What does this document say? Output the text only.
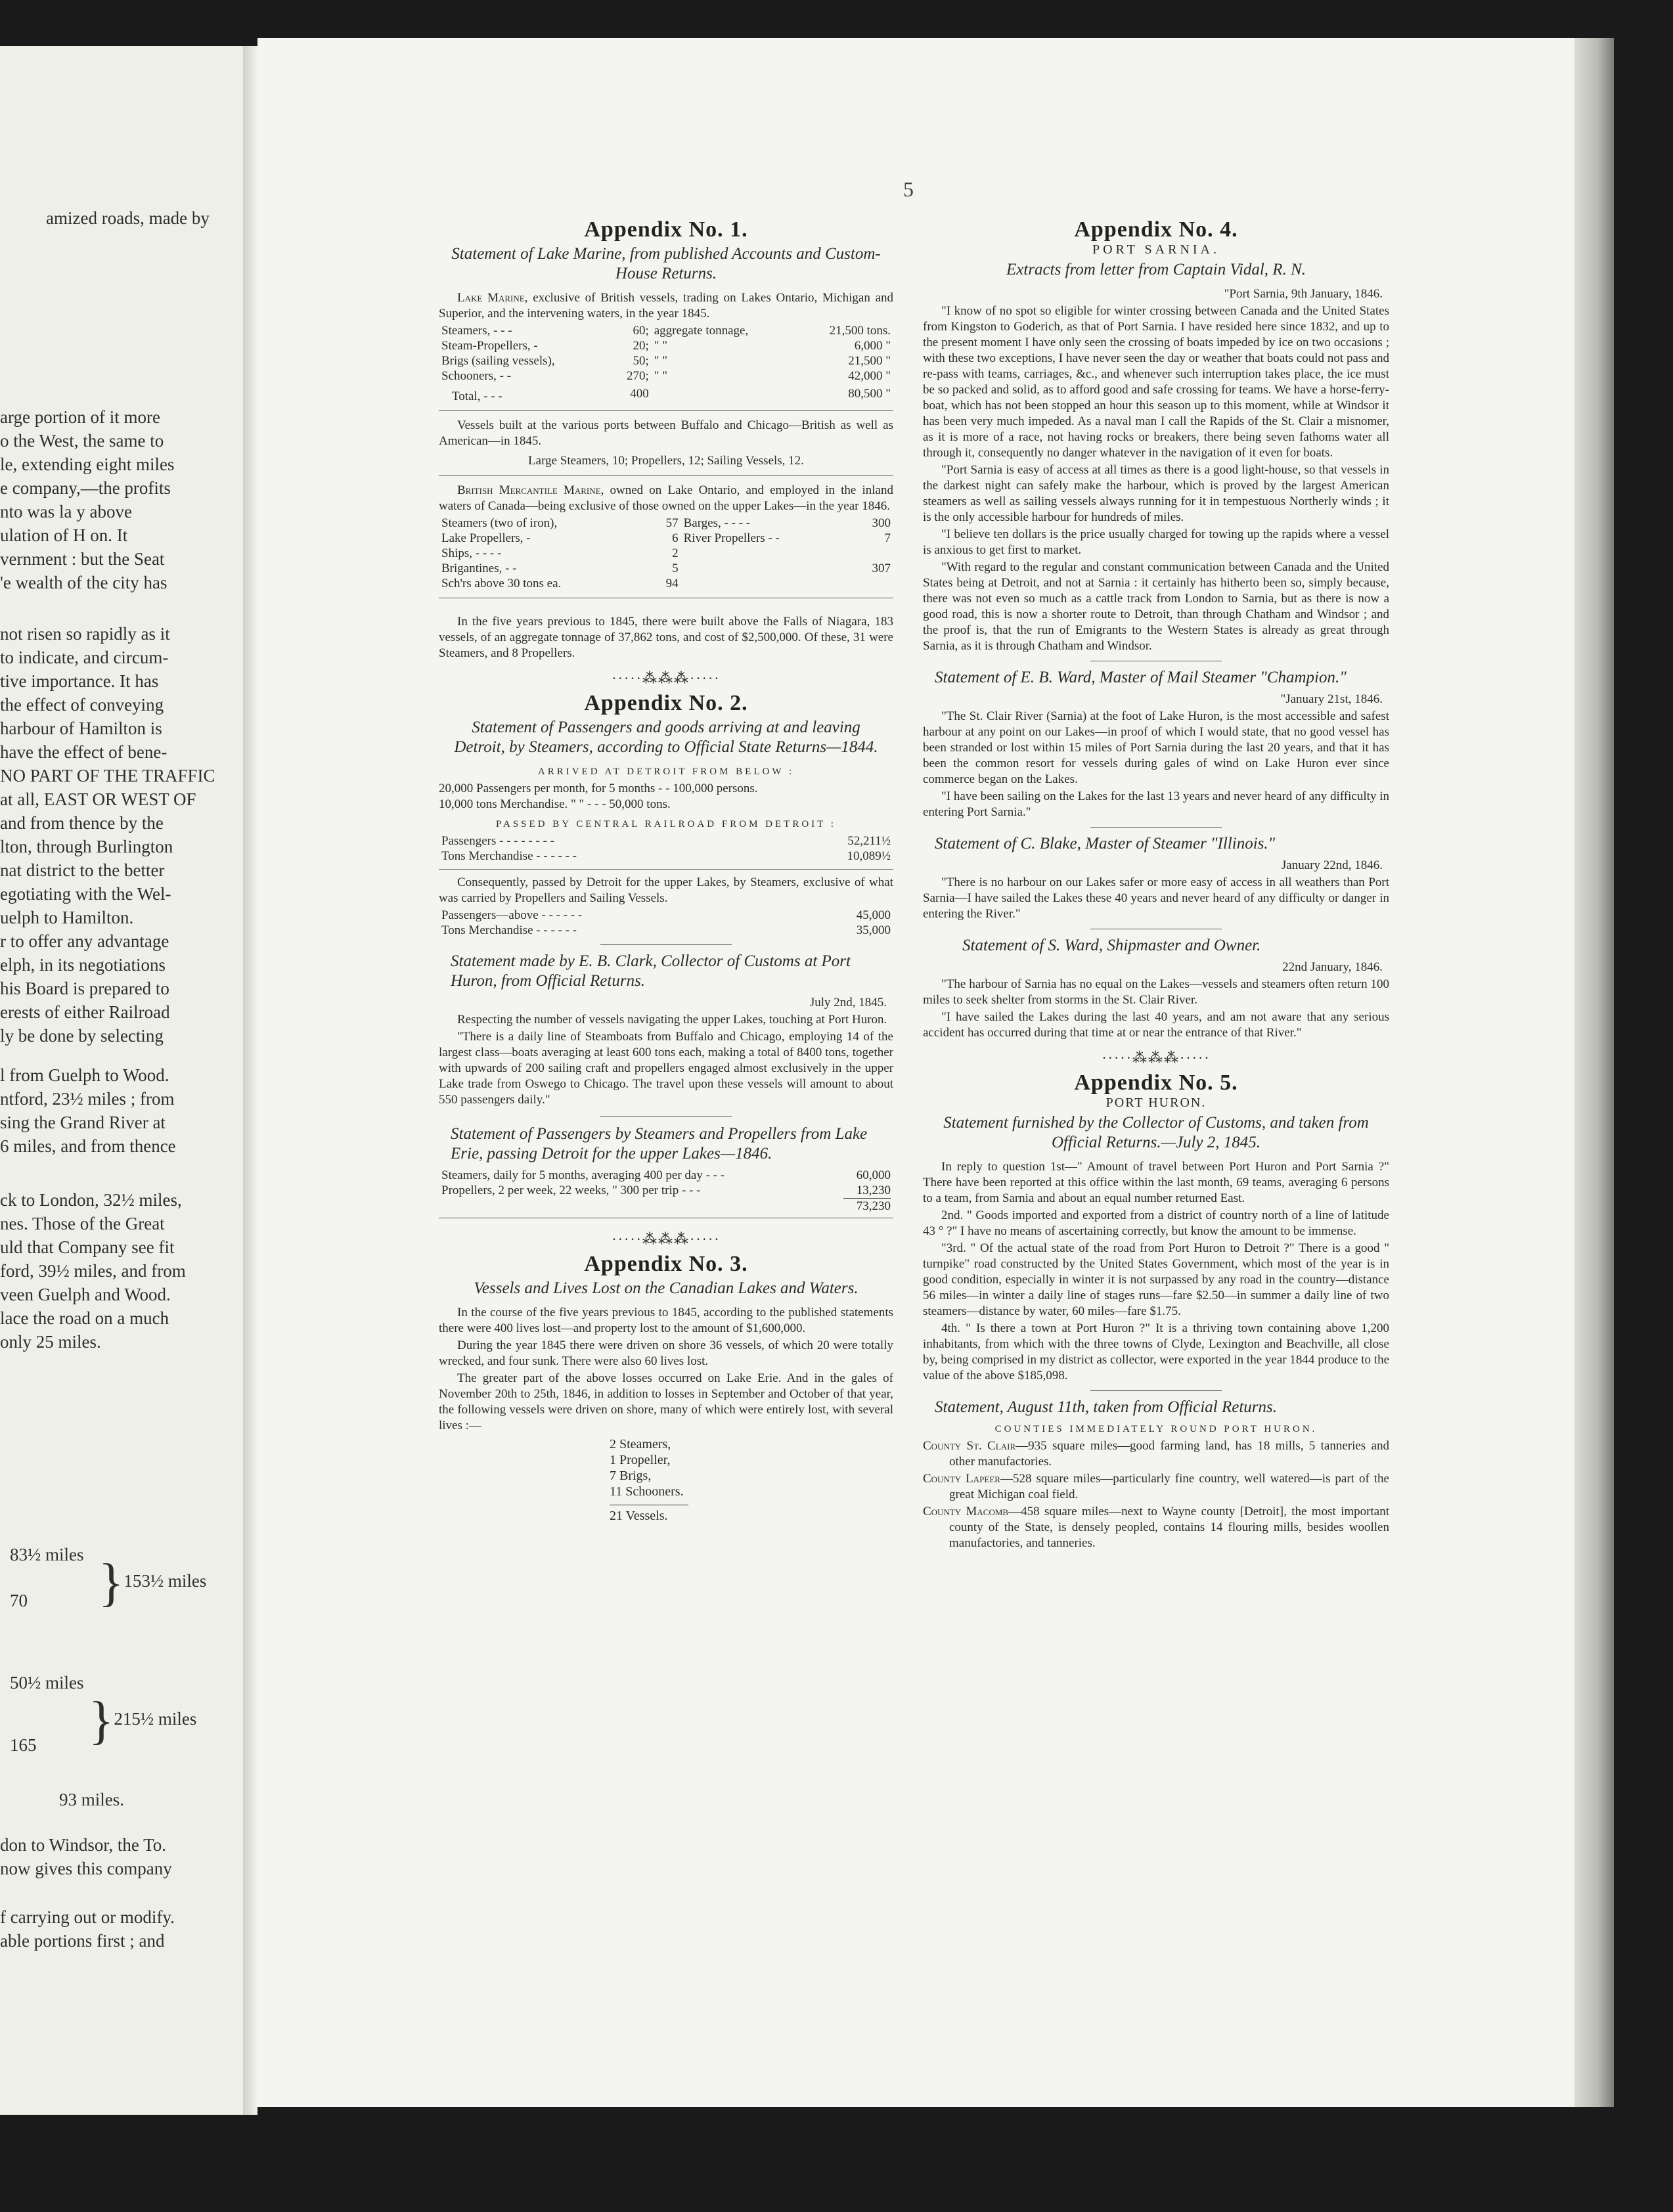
amized roads, made by
arge portion of it more
o the West, the same to
le, extending eight miles
e company,—the profits
nto was la y above
ulation of H on. It
vernment : but the Seat
'e wealth of the city has
not risen so rapidly as it
to indicate, and circum-
tive importance. It has
the effect of conveying
harbour of Hamilton is
have the effect of bene-
NO PART OF THE TRAFFIC
at all, EAST OR WEST OF
and from thence by the
lton, through Burlington
nat district to the better
egotiating with the Wel-
uelph to Hamilton.
r to offer any advantage
elph, in its negotiations
his Board is prepared to
erests of either Railroad
ly be done by selecting
l from Guelph to Wood.
ntford, 23½ miles ; from
sing the Grand River at
6 miles, and from thence
ck to London, 32½ miles,
nes. Those of the Great
uld that Company see fit
ford, 39½ miles, and from
veen Guelph and Wood.
lace the road on a much
only 25 miles.
83½ miles
70 }153½ miles
50½ miles
165 }215½ miles
93 miles.
don to Windsor, the To.
now gives this company
f carrying out or modify.
able portions first ; and
5
Appendix No. 1.
Statement of Lake Marine, from published Accounts and Custom-House Returns.
Lake Marine, exclusive of British vessels, trading on Lakes Ontario, Michigan and Superior, and the intervening waters, in the year 1845.
Steamers, - - -	60;	aggregate tonnage,	21,500 tons.
Steam-Propellers, -	20;	" "	6,000 "
Brigs (sailing vessels),	50;	" "	21,500 "
Schooners, - -	270;	" "	42,000 "
Total, - - -	400		80,500 "
Vessels built at the various ports between Buffalo and Chicago—British as well as American—in 1845.
Large Steamers, 10; Propellers, 12; Sailing Vessels, 12.
British Mercantile Marine, owned on Lake Ontario, and employed in the inland waters of Canada—being exclusive of those owned on the upper Lakes—in the year 1846.
Steamers (two of iron),	57	Barges, - - - -	300
Lake Propellers, -	6	River Propellers - -	7
Ships, - - - -	2		
Brigantines, - -	5		307
Sch'rs above 30 tons ea.	94		
In the five years previous to 1845, there were built above the Falls of Niagara, 183 vessels, of an aggregate tonnage of 37,862 tons, and cost of $2,500,000. Of these, 31 were Steamers, and 8 Propellers.
·····⁂⁂⁂·····
Appendix No. 2.
Statement of Passengers and goods arriving at and leaving Detroit, by Steamers, according to Official State Returns—1844.
ARRIVED AT DETROIT FROM BELOW :
20,000 Passengers per month, for 5 months - - 100,000 persons.
10,000 tons Merchandise. " " - - - 50,000 tons.
PASSED BY CENTRAL RAILROAD FROM DETROIT :
Passengers - - - - - - - -	52,211½
Tons Merchandise - - - - - -	10,089½
Consequently, passed by Detroit for the upper Lakes, by Steamers, exclusive of what was carried by Propellers and Sailing Vessels.
Passengers—above - - - - - -	45,000
Tons Merchandise - - - - - -	35,000
Statement made by E. B. Clark, Collector of Customs at Port Huron, from Official Returns.
July 2nd, 1845.
Respecting the number of vessels navigating the upper Lakes, touching at Port Huron.
"There is a daily line of Steamboats from Buffalo and Chicago, employing 14 of the largest class—boats averaging at least 600 tons each, making a total of 8400 tons, together with upwards of 200 sailing craft and propellers engaged almost exclusively in the upper Lake trade from Oswego to Chicago. The travel upon these vessels will amount to about 550 passengers daily."
Statement of Passengers by Steamers and Propellers from Lake Erie, passing Detroit for the upper Lakes—1846.
Steamers, daily for 5 months, averaging 400 per day - - -	60,000
Propellers, 2 per week, 22 weeks, " 300 per trip - - -	13,230
	73,230
·····⁂⁂⁂·····
Appendix No. 3.
Vessels and Lives Lost on the Canadian Lakes and Waters.
In the course of the five years previous to 1845, according to the published statements there were 400 lives lost—and property lost to the amount of $1,600,000.
During the year 1845 there were driven on shore 36 vessels, of which 20 were totally wrecked, and four sunk. There were also 60 lives lost.
The greater part of the above losses occurred on Lake Erie. And in the gales of November 20th to 25th, 1846, in addition to losses in September and October of that year, the following vessels were driven on shore, many of which were entirely lost, with several lives :—
2 Steamers,
1 Propeller,
7 Brigs,
11 Schooners.
21 Vessels.
Appendix No. 4.
PORT SARNIA.
Extracts from letter from Captain Vidal, R. N.
"Port Sarnia, 9th January, 1846.
"I know of no spot so eligible for winter crossing between Canada and the United States from Kingston to Goderich, as that of Port Sarnia. I have resided here since 1832, and up to the present moment I have only seen the crossing of boats impeded by ice on two occasions ; with these two exceptions, I have never seen the day or weather that boats could not pass and re-pass with teams, carriages, &c., and whenever such interruption takes place, the ice must be so packed and solid, as to afford good and safe crossing for teams. We have a horse-ferry-boat, which has not been stopped an hour this season up to this moment, while at Windsor it has been very much impeded. As a naval man I call the Rapids of the St. Clair a misnomer, as it is more of a race, not having rocks or breakers, there being seven fathoms water all through it, consequently no danger whatever in the navigation of it even for boats.
"Port Sarnia is easy of access at all times as there is a good light-house, so that vessels in the darkest night can safely make the harbour, which is proved by the largest American steamers as well as sailing vessels always running for it in tempestuous Northerly winds ; it is the only accessible harbour for hundreds of miles.
"I believe ten dollars is the price usually charged for towing up the rapids where a vessel is anxious to get first to market.
"With regard to the regular and constant communication between Canada and the United States being at Detroit, and not at Sarnia : it certainly has hitherto been so, simply because, there was not even so much as a cattle track from London to Sarnia, but as there is now a good road, this is now a shorter route to Detroit, than through Chatham and Windsor ; and the proof is, that the run of Emigrants to the Western States is already as great through Sarnia, as it is through Chatham and Windsor.
Statement of E. B. Ward, Master of Mail Steamer "Champion."
"January 21st, 1846.
"The St. Clair River (Sarnia) at the foot of Lake Huron, is the most accessible and safest harbour at any point on our Lakes—in proof of which I would state, that no good vessel has been stranded or lost within 15 miles of Port Sarnia during the last 20 years, and that it has been the common resort for vessels during gales of wind on Lake Huron ever since commerce began on the Lakes.
"I have been sailing on the Lakes for the last 13 years and never heard of any difficulty in entering Port Sarnia."
Statement of C. Blake, Master of Steamer "Illinois."
January 22nd, 1846.
"There is no harbour on our Lakes safer or more easy of access in all weathers than Port Sarnia—I have sailed the Lakes these 40 years and never heard of any difficulty or danger in entering the River."
Statement of S. Ward, Shipmaster and Owner.
22nd January, 1846.
"The harbour of Sarnia has no equal on the Lakes—vessels and steamers often return 100 miles to seek shelter from storms in the St. Clair River.
"I have sailed the Lakes during the last 40 years, and am not aware that any serious accident has occurred during that time at or near the entrance of that River."
·····⁂⁂⁂·····
Appendix No. 5.
PORT HURON.
Statement furnished by the Collector of Customs, and taken from Official Returns.—July 2, 1845.
In reply to question 1st—" Amount of travel between Port Huron and Port Sarnia ?" There have been reported at this office within the last month, 69 teams, averaging 6 persons to a team, from Sarnia and about an equal number returned East.
2nd. " Goods imported and exported from a district of country north of a line of latitude 43 ° ?" I have no means of ascertaining correctly, but know the amount to be immense.
"3rd. " Of the actual state of the road from Port Huron to Detroit ?" There is a good " turnpike" road constructed by the United States Government, which most of the year is in good condition, especially in winter it is not surpassed by any road in the country—distance 56 miles—in winter a daily line of stages runs—fare $2.50—in summer a daily line of two steamers—distance by water, 60 miles—fare $1.75.
4th. " Is there a town at Port Huron ?" It is a thriving town containing above 1,200 inhabitants, from which with the three towns of Clyde, Lexington and Beachville, all close by, being comprised in my district as collector, were exported in the year 1844 produce to the value of the above $185,098.
Statement, August 11th, taken from Official Returns.
COUNTIES IMMEDIATELY ROUND PORT HURON.
County St. Clair—935 square miles—good farming land, has 18 mills, 5 tanneries and other manufactories.
County Lapeer—528 square miles—particularly fine country, well watered—is part of the great Michigan coal field.
County Macomb—458 square miles—next to Wayne county [Detroit], the most important county of the State, is densely peopled, contains 14 flouring mills, besides woollen manufactories, and tanneries.
